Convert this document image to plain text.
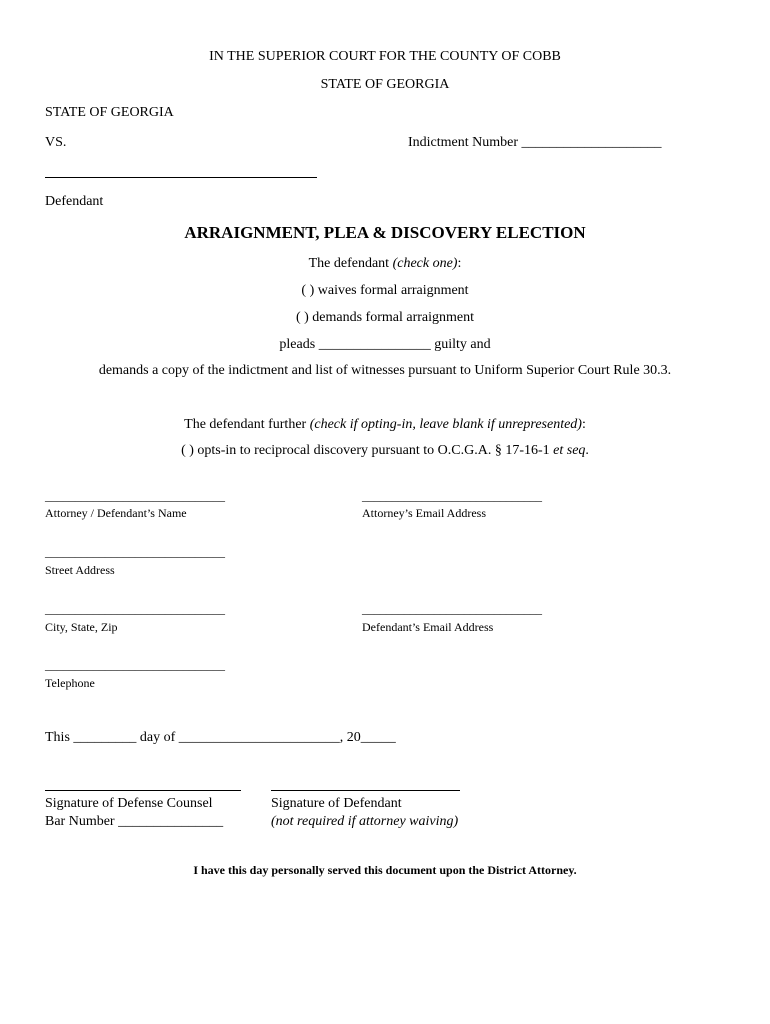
IN THE SUPERIOR COURT FOR THE COUNTY OF COBB
STATE OF GEORGIA
STATE OF GEORGIA
VS.	Indictment Number ____________________
Defendant
ARRAIGNMENT, PLEA & DISCOVERY ELECTION
The defendant (check one):
( ) waives formal arraignment
( ) demands formal arraignment
pleads ________________ guilty and
demands a copy of the indictment and list of witnesses pursuant to Uniform Superior Court Rule 30.3.
The defendant further (check if opting-in, leave blank if unrepresented):
( ) opts-in to reciprocal discovery pursuant to O.C.G.A. § 17-16-1 et seq.
______________________________
Attorney / Defendant’s Name
______________________________
Attorney’s Email Address
______________________________
Street Address
______________________________
City, State, Zip
______________________________
Defendant’s Email Address
______________________________
Telephone
This _________ day of _______________________, 20_____
Signature of Defense Counsel
Bar Number _______________
Signature of Defendant
(not required if attorney waiving)
I have this day personally served this document upon the District Attorney.
